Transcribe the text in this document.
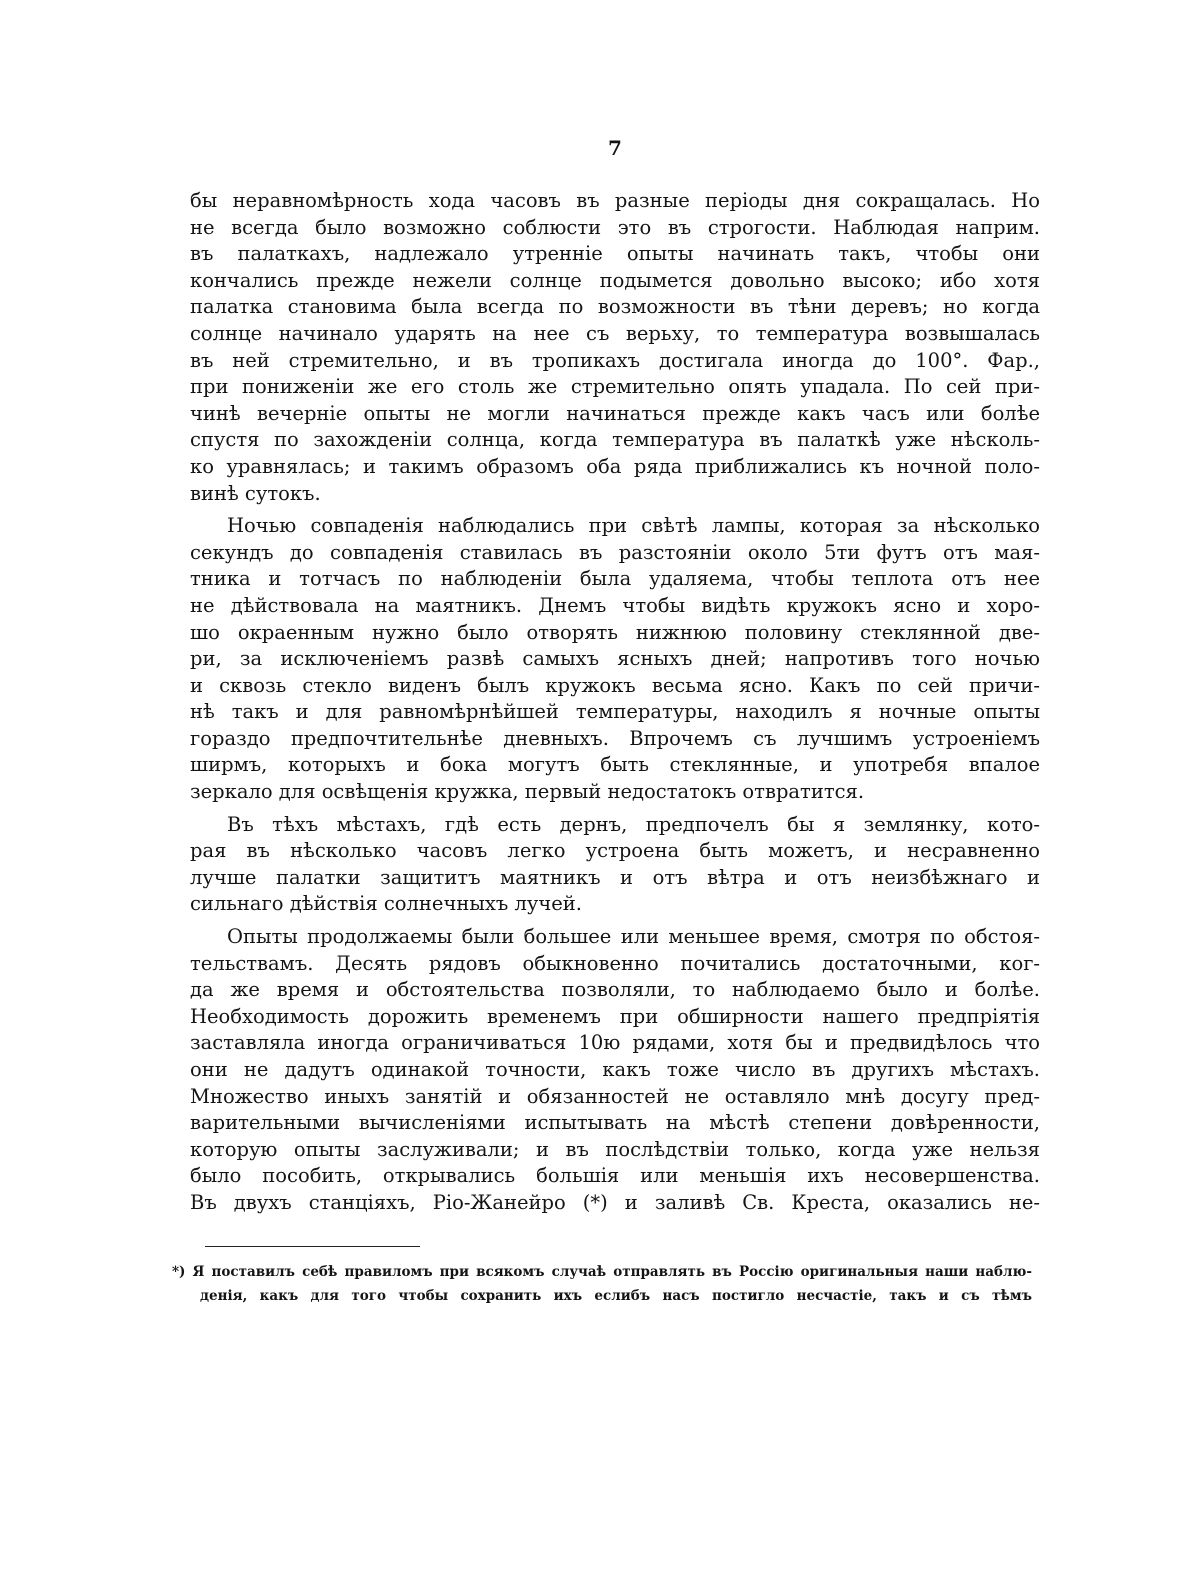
7
бы неравномѣрность хода часовъ въ разные періоды дня сокращалась. Но
не всегда было возможно соблюсти это въ строгости. Наблюдая наприм.
въ палаткахъ, надлежало утренніе опыты начинать такъ, чтобы они
кончались прежде нежели солнце подымется довольно высоко; ибо хотя
палатка становима была всегда по возможности въ тѣни деревъ; но когда
солнце начинало ударять на нее съ верьху, то температура возвышалась
въ ней стремительно, и въ тропикахъ достигала иногда до 100°. Фар.,
при пониженіи же его столь же стремительно опять упадала. По сей при-
чинѣ вечерніе опыты не могли начинаться прежде какъ часъ или болѣе
спустя по захожденіи солнца, когда температура въ палаткѣ уже нѣсколь-
ко уравнялась; и такимъ образомъ оба ряда приближались къ ночной поло-
винѣ сутокъ.
Ночью совпаденія наблюдались при свѣтѣ лампы, которая за нѣсколько
секундъ до совпаденія ставилась въ разстояніи около 5ти футъ отъ мая-
тника и тотчасъ по наблюденіи была удаляема, чтобы теплота отъ нее
не дѣйствовала на маятникъ. Днемъ чтобы видѣть кружокъ ясно и хоро-
шо окраенным нужно было отворять нижнюю половину стеклянной две-
ри, за исключеніемъ развѣ самыхъ ясныхъ дней; напротивъ того ночью
и сквозь стекло виденъ былъ кружокъ весьма ясно. Какъ по сей причи-
нѣ такъ и для равномѣрнѣйшей температуры, находилъ я ночные опыты
гораздо предпочтительнѣе дневныхъ. Впрочемъ съ лучшимъ устроеніемъ
ширмъ, которыхъ и бока могутъ быть стеклянные, и употребя впалое
зеркало для освѣщенія кружка, первый недостатокъ отвратится.
Въ тѣхъ мѣстахъ, гдѣ есть дернъ, предпочелъ бы я землянку, кото-
рая въ нѣсколько часовъ легко устроена быть можетъ, и несравненно
лучше палатки защититъ маятникъ и отъ вѣтра и отъ неизбѣжнаго и
сильнаго дѣйствія солнечныхъ лучей.
Опыты продолжаемы были большее или меньшее время, смотря по обстоя-
тельствамъ. Десять рядовъ обыкновенно почитались достаточными, ког-
да же время и обстоятельства позволяли, то наблюдаемо было и болѣе.
Необходимость дорожить временемъ при обширности нашего предпріятія
заставляла иногда ограничиваться 10ю рядами, хотя бы и предвидѣлось что
они не дадутъ одинакой точности, какъ тоже число въ другихъ мѣстахъ.
Множество иныхъ занятій и обязанностей не оставляло мнѣ досугу пред-
варительными вычисленіями испытывать на мѣстѣ степени довѣренности,
которую опыты заслуживали; и въ послѣдствіи только, когда уже нельзя
было пособить, открывались большія или меньшія ихъ несовершенства.
Въ двухъ станціяхъ, Ріо-Жанейро (*) и заливѣ Св. Креста, оказались не-
*) Я поставилъ себѣ правиломъ при всякомъ случаѣ отправлять въ Россію оригинальныя наши наблю-
денія, какъ для того чтобы сохранить ихъ еслибъ насъ постигло несчастіе, такъ и съ тѣмъ
